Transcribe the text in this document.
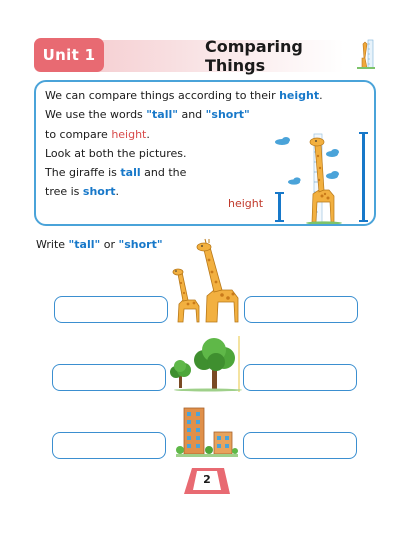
Unit 1	Comparing Things
We can compare things according to their height.
We use the words "tall" and "short"
to compare height.
Look at both the pictures.
The giraffe is tall and the
tree is short.
height
Write "tall" or "short"
2
